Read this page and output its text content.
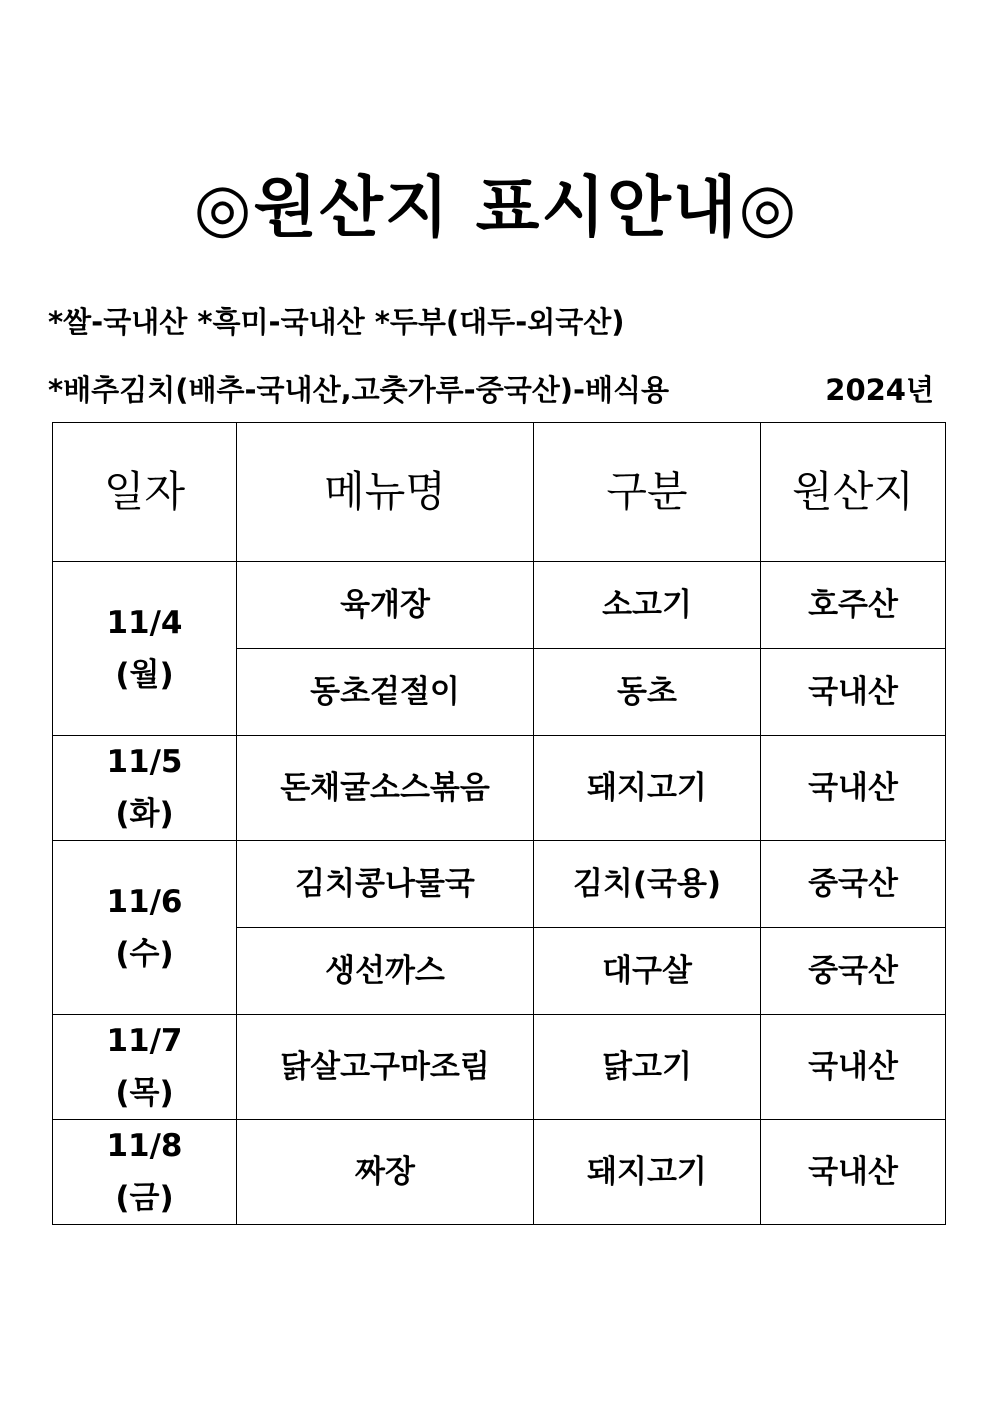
◎원산지 표시안내◎
*쌀-국내산 *흑미-국내산 *두부(대두-외국산)
*배추김치(배추-국내산,고춧가루-중국산)-배식용	2024년
일자	메뉴명	구분	원산지

11/4
(월)	육개장	소고기	호주산
	동초겉절이	동초	국내산

11/5
(화)	돈채굴소스볶음	돼지고기	국내산

11/6
(수)	김치콩나물국	김치(국용)	중국산
	생선까스	대구살	중국산

11/7
(목)	닭살고구마조림	닭고기	국내산

11/8
(금)	짜장	돼지고기	국내산
